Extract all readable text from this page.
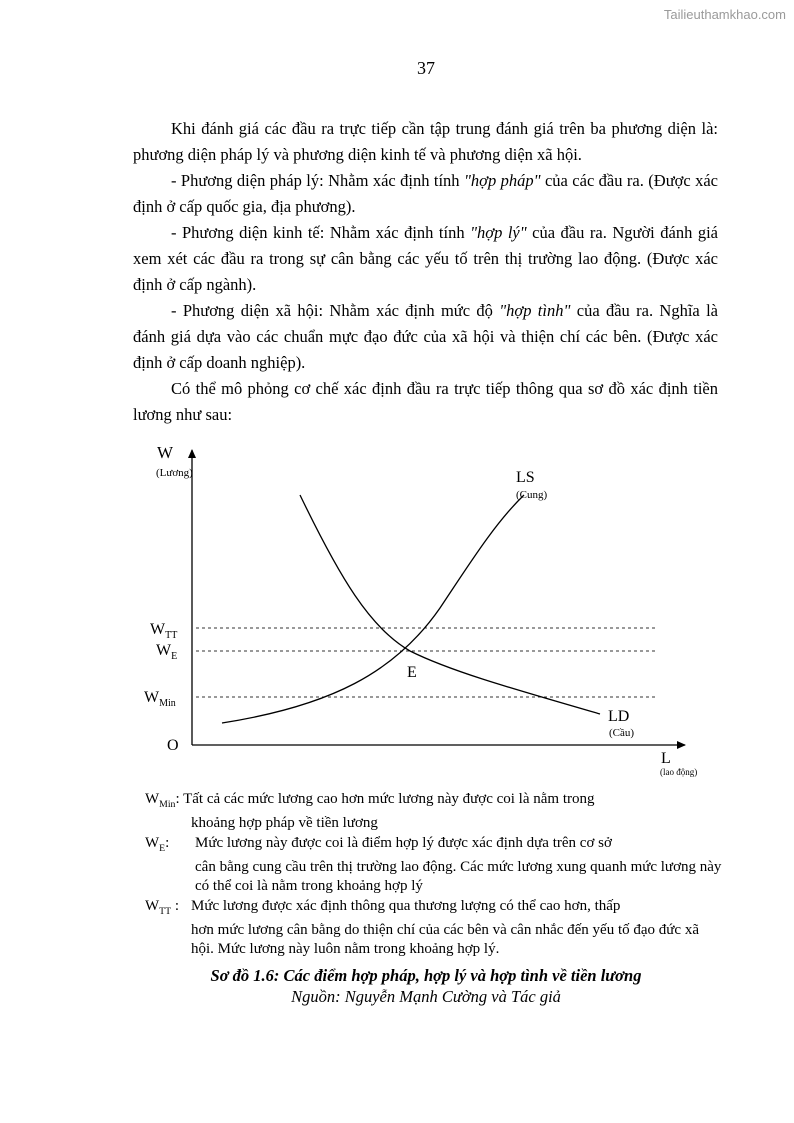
Tailieuthamkhao.com
37

Khi đánh giá các đầu ra trực tiếp cần tập trung đánh giá trên ba phương diện là: phương diện pháp lý và phương diện kinh tế và phương diện xã hội.

- Phương diện pháp lý: Nhằm xác định tính "hợp pháp" của các đầu ra. (Được xác định ở cấp quốc gia, địa phương).

- Phương diện kinh tế: Nhằm xác định tính "hợp lý" của đầu ra. Người đánh giá xem xét các đầu ra trong sự cân bằng các yếu tố trên thị trường lao động. (Được xác định ở cấp ngành).

- Phương diện xã hội: Nhằm xác định mức độ "hợp tình" của đầu ra. Nghĩa là đánh giá dựa vào các chuẩn mực đạo đức của xã hội và thiện chí các bên. (Được xác định ở cấp doanh nghiệp).

Có thể mô phỏng cơ chế xác định đầu ra trực tiếp thông qua sơ đồ xác định tiền lương như sau:

W
(Lương)	LS
(Cung)
$W_{TT}$
$W_E$
$W_{Min}$
E
LD
(Cầu)
O
L
(lao động)
$W_{Min}$: Tất cả các mức lương cao hơn mức lương này được coi là nằm trong
khoảng hợp pháp về tiền lương
$W_E$: Mức lương này được coi là điểm hợp lý được xác định dựa trên cơ sở
cân bằng cung cầu trên thị trường lao động. Các mức lương xung quanh mức lương này có thể coi là nằm trong khoảng hợp lý
$W_{TT}$ : Mức lương được xác định thông qua thương lượng có thể cao hơn, thấp
hơn mức lương cân bằng do thiện chí của các bên và cân nhắc đến yếu tố đạo đức xã hội. Mức lương này luôn nằm trong khoảng hợp lý.
Sơ đồ 1.6: Các điểm hợp pháp, hợp lý và hợp tình về tiền lương
Nguồn: Nguyễn Mạnh Cường và Tác giả
